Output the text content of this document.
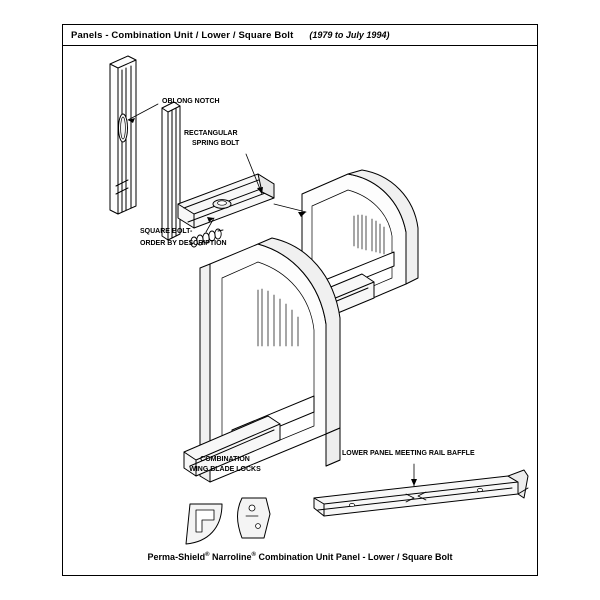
Panels - Combination Unit / Lower / Square Bolt (1979 to July 1994)
OBLONG NOTCH
RECTANGULAR
SPRING BOLT
SQUARE BOLT-
ORDER BY DESCRIPTION
COMBINATION
WING BLADE LOCKS
LOWER PANEL MEETING RAIL BAFFLE
Perma-Shield® Narroline® Combination Unit Panel - Lower / Square Bolt
